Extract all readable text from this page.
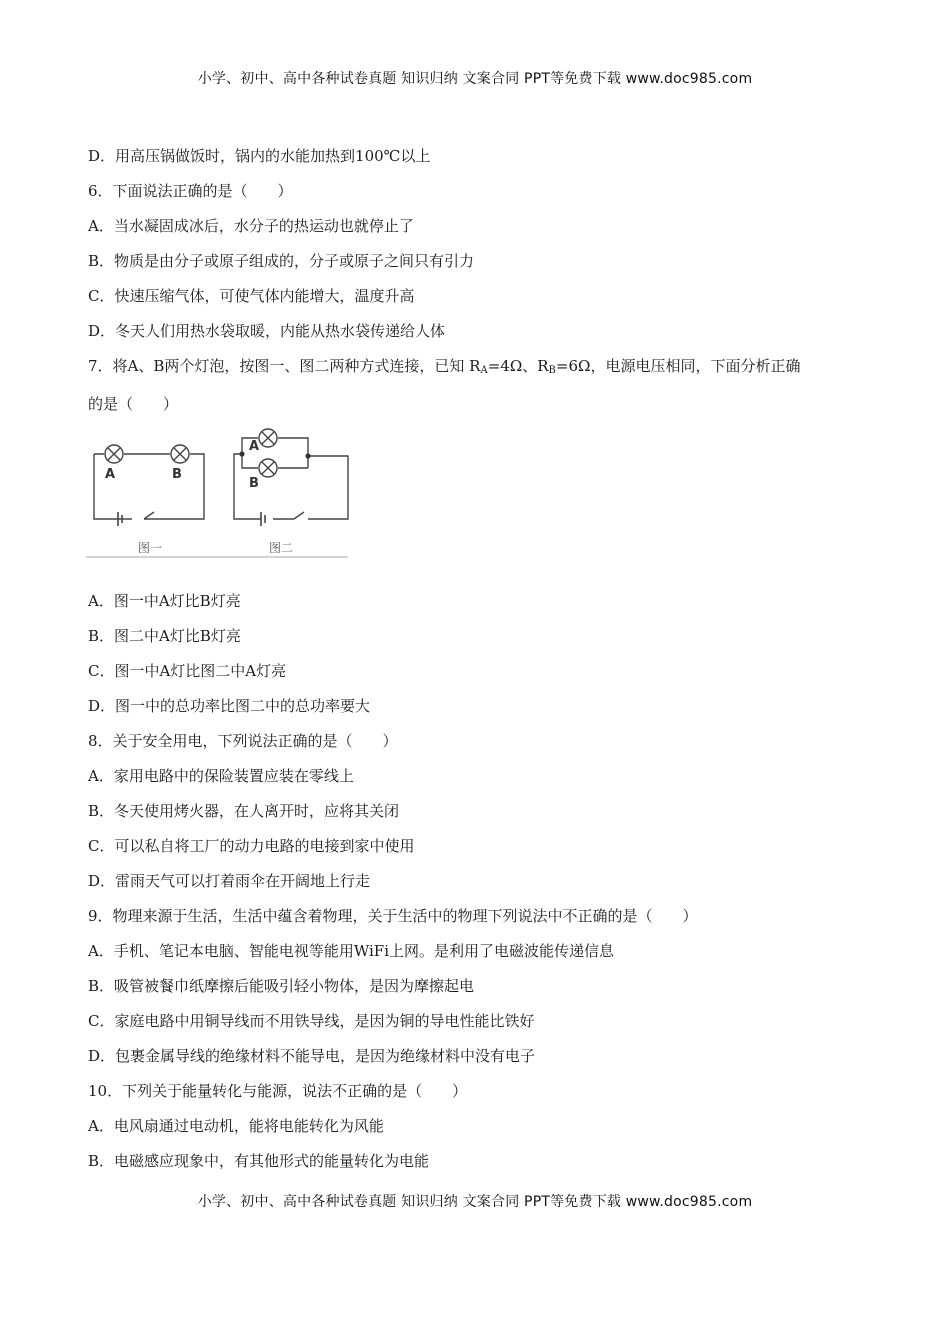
小学、初中、高中各种试卷真题 知识归纳 文案合同 PPT等免费下载 www.doc985.com
D．用高压锅做饭时，锅内的水能加热到100℃以上
6．下面说法正确的是（　　）
A．当水凝固成冰后，水分子的热运动也就停止了
B．物质是由分子或原子组成的，分子或原子之间只有引力
C．快速压缩气体，可使气体内能增大，温度升高
D．冬天人们用热水袋取暖，内能从热水袋传递给人体
7．将A、B两个灯泡，按图一、图二两种方式连接，已知 $R_A=4\Omega$、$R_B=6\Omega$，电源电压相同，下面分析正确
的是（　　）
A	B
A
B
图一	图二
A．图一中A灯比B灯亮
B．图二中A灯比B灯亮
C．图一中A灯比图二中A灯亮
D．图一中的总功率比图二中的总功率要大
8．关于安全用电，下列说法正确的是（　　）
A．家用电路中的保险装置应装在零线上
B．冬天使用烤火器，在人离开时，应将其关闭
C．可以私自将工厂的动力电路的电接到家中使用
D．雷雨天气可以打着雨伞在开阔地上行走
9．物理来源于生活，生活中蕴含着物理，关于生活中的物理下列说法中不正确的是（　　）
A．手机、笔记本电脑、智能电视等能用WiFi上网。是利用了电磁波能传递信息
B．吸管被餐巾纸摩擦后能吸引轻小物体，是因为摩擦起电
C．家庭电路中用铜导线而不用铁导线，是因为铜的导电性能比铁好
D．包裹金属导线的绝缘材料不能导电，是因为绝缘材料中没有电子
10．下列关于能量转化与能源，说法不正确的是（　　）
A．电风扇通过电动机，能将电能转化为风能
B．电磁感应现象中，有其他形式的能量转化为电能
小学、初中、高中各种试卷真题 知识归纳 文案合同 PPT等免费下载 www.doc985.com
